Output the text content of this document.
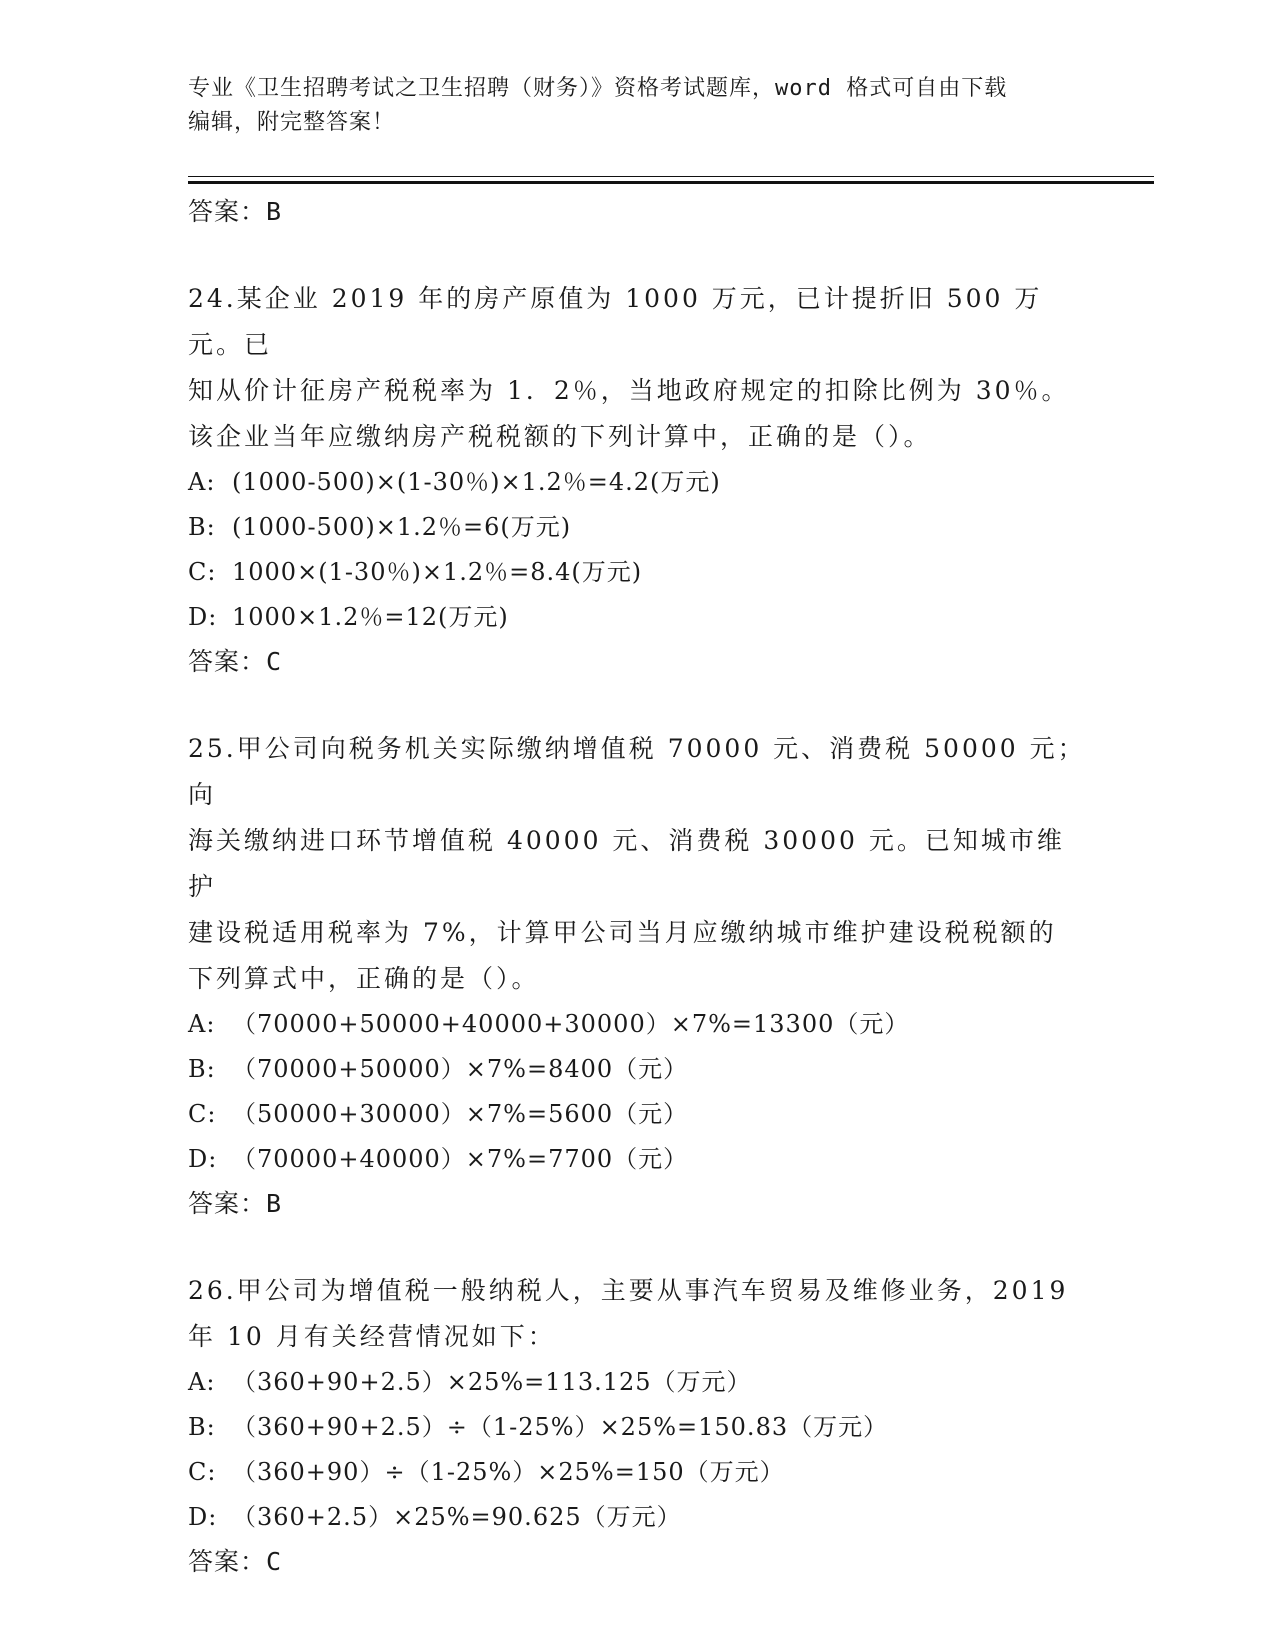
专业《卫生招聘考试之卫生招聘（财务）》资格考试题库，word 格式可自由下载
编辑，附完整答案！
答案：B
24.某企业 2019 年的房产原值为 1000 万元，已计提折旧 500 万元。已
知从价计征房产税税率为 1．2％，当地政府规定的扣除比例为 30％。
该企业当年应缴纳房产税税额的下列计算中，正确的是（）。
A: (1000-500)×(1-30％)×1.2％=4.2(万元)
B: (1000-500)×1.2％=6(万元)
C: 1000×(1-30％)×1.2％=8.4(万元)
D: 1000×1.2％=12(万元)
答案：C
25.甲公司向税务机关实际缴纳增值税 70000 元、消费税 50000 元；向
海关缴纳进口环节增值税 40000 元、消费税 30000 元。已知城市维护
建设税适用税率为 7%，计算甲公司当月应缴纳城市维护建设税税额的
下列算式中，正确的是（）。
A: （70000+50000+40000+30000）×7%=13300（元）
B: （70000+50000）×7%=8400（元）
C: （50000+30000）×7%=5600（元）
D: （70000+40000）×7%=7700（元）
答案：B
26.甲公司为增值税一般纳税人，主要从事汽车贸易及维修业务，2019
年 10 月有关经营情况如下：
A: （360+90+2.5）×25%=113.125（万元）
B: （360+90+2.5）÷（1-25%）×25%=150.83（万元）
C: （360+90）÷（1-25%）×25%=150（万元）
D: （360+2.5）×25%=90.625（万元）
答案：C
